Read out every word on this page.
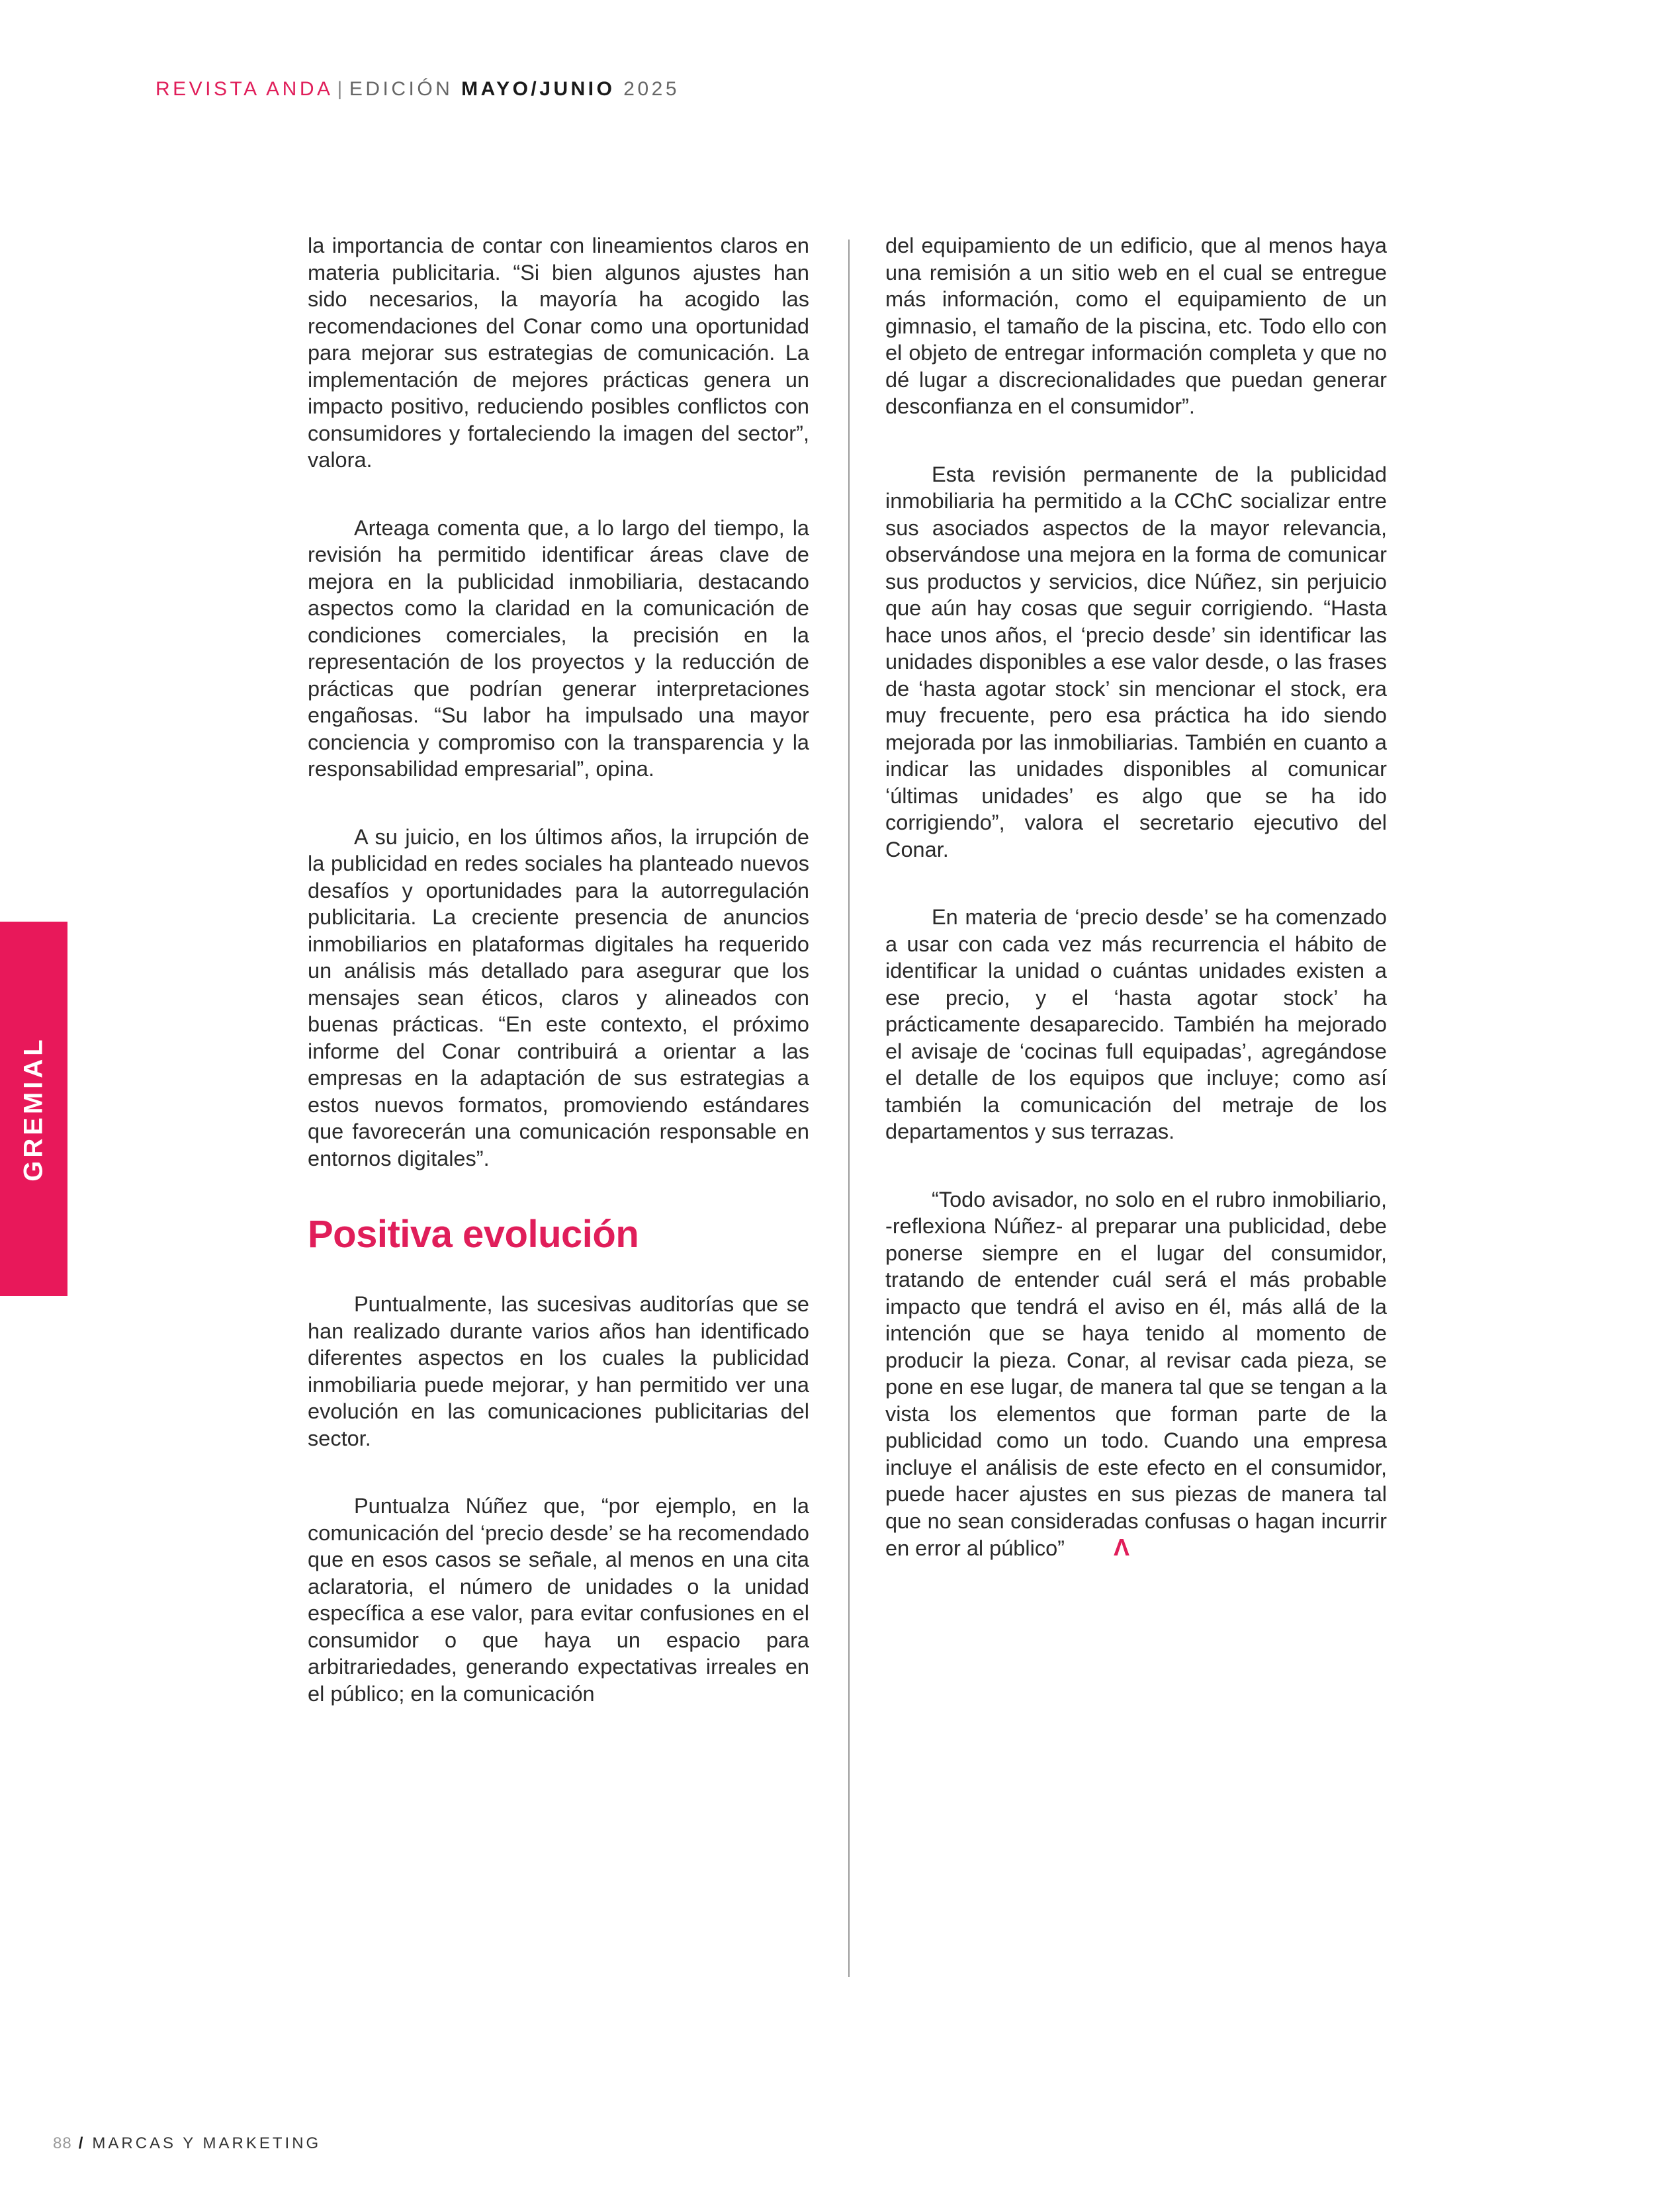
REVISTA ANDA | EDICIÓN MAYO/JUNIO 2025
GREMIAL

la importancia de contar con lineamientos claros en materia publicitaria. “Si bien algunos ajustes han sido necesarios, la mayoría ha acogido las recomendaciones del Conar como una oportunidad para mejorar sus estrategias de comunicación. La implementación de mejores prácticas genera un impacto positivo, reduciendo posibles conflictos con consumidores y fortaleciendo la imagen del sector”, valora.

Arteaga comenta que, a lo largo del tiempo, la revisión ha permitido identificar áreas clave de mejora en la publicidad inmobiliaria, destacando aspectos como la claridad en la comunicación de condiciones comerciales, la precisión en la representación de los proyectos y la reducción de prácticas que podrían generar interpretaciones engañosas. “Su labor ha impulsado una mayor conciencia y compromiso con la transparencia y la responsabilidad empresarial”, opina.

A su juicio, en los últimos años, la irrupción de la publicidad en redes sociales ha planteado nuevos desafíos y oportunidades para la autorregulación publicitaria. La creciente presencia de anuncios inmobiliarios en plataformas digitales ha requerido un análisis más detallado para asegurar que los mensajes sean éticos, claros y alineados con buenas prácticas. “En este contexto, el próximo informe del Conar contribuirá a orientar a las empresas en la adaptación de sus estrategias a estos nuevos formatos, promoviendo estándares que favorecerán una comunicación responsable en entornos digitales”.

Positiva evolución

Puntualmente, las sucesivas auditorías que se han realizado durante varios años han identificado diferentes aspectos en los cuales la publicidad inmobiliaria puede mejorar, y han permitido ver una evolución en las comunicaciones publicitarias del sector.

Puntualza Núñez que, “por ejemplo, en la comunicación del ‘precio desde’ se ha recomendado que en esos casos se señale, al menos en una cita aclaratoria, el número de unidades o la unidad específica a ese valor, para evitar confusiones en el consumidor o que haya un espacio para arbitrariedades, generando expectativas irreales en el público; en la comunicación

del equipamiento de un edificio, que al menos haya una remisión a un sitio web en el cual se entregue más información, como el equipamiento de un gimnasio, el tamaño de la piscina, etc. Todo ello con el objeto de entregar información completa y que no dé lugar a discrecionalidades que puedan generar desconfianza en el consumidor”.

Esta revisión permanente de la publicidad inmobiliaria ha permitido a la CChC socializar entre sus asociados aspectos de la mayor relevancia, observándose una mejora en la forma de comunicar sus productos y servicios, dice Núñez, sin perjuicio que aún hay cosas que seguir corrigiendo. “Hasta hace unos años, el ‘precio desde’ sin identificar las unidades disponibles a ese valor desde, o las frases de ‘hasta agotar stock’ sin mencionar el stock, era muy frecuente, pero esa práctica ha ido siendo mejorada por las inmobiliarias. También en cuanto a indicar las unidades disponibles al comunicar ‘últimas unidades’ es algo que se ha ido corrigiendo”, valora el secretario ejecutivo del Conar.

En materia de ‘precio desde’ se ha comenzado a usar con cada vez más recurrencia el hábito de identificar la unidad o cuántas unidades existen a ese precio, y el ‘hasta agotar stock’ ha prácticamente desaparecido. También ha mejorado el avisaje de ‘cocinas full equipadas’, agregándose el detalle de los equipos que incluye; como así también la comunicación del metraje de los departamentos y sus terrazas.

“Todo avisador, no solo en el rubro inmobiliario, -reflexiona Núñez- al preparar una publicidad, debe ponerse siempre en el lugar del consumidor, tratando de entender cuál será el más probable impacto que tendrá el aviso en él, más allá de la intención que se haya tenido al momento de producir la pieza. Conar, al revisar cada pieza, se pone en ese lugar, de manera tal que se tengan a la vista los elementos que forman parte de la publicidad como un todo. Cuando una empresa incluye el análisis de este efecto en el consumidor, puede hacer ajustes en sus piezas de manera tal que no sean consideradas confusas o hagan incurrir en error al público” Λ

88 / MARCAS Y MARKETING
